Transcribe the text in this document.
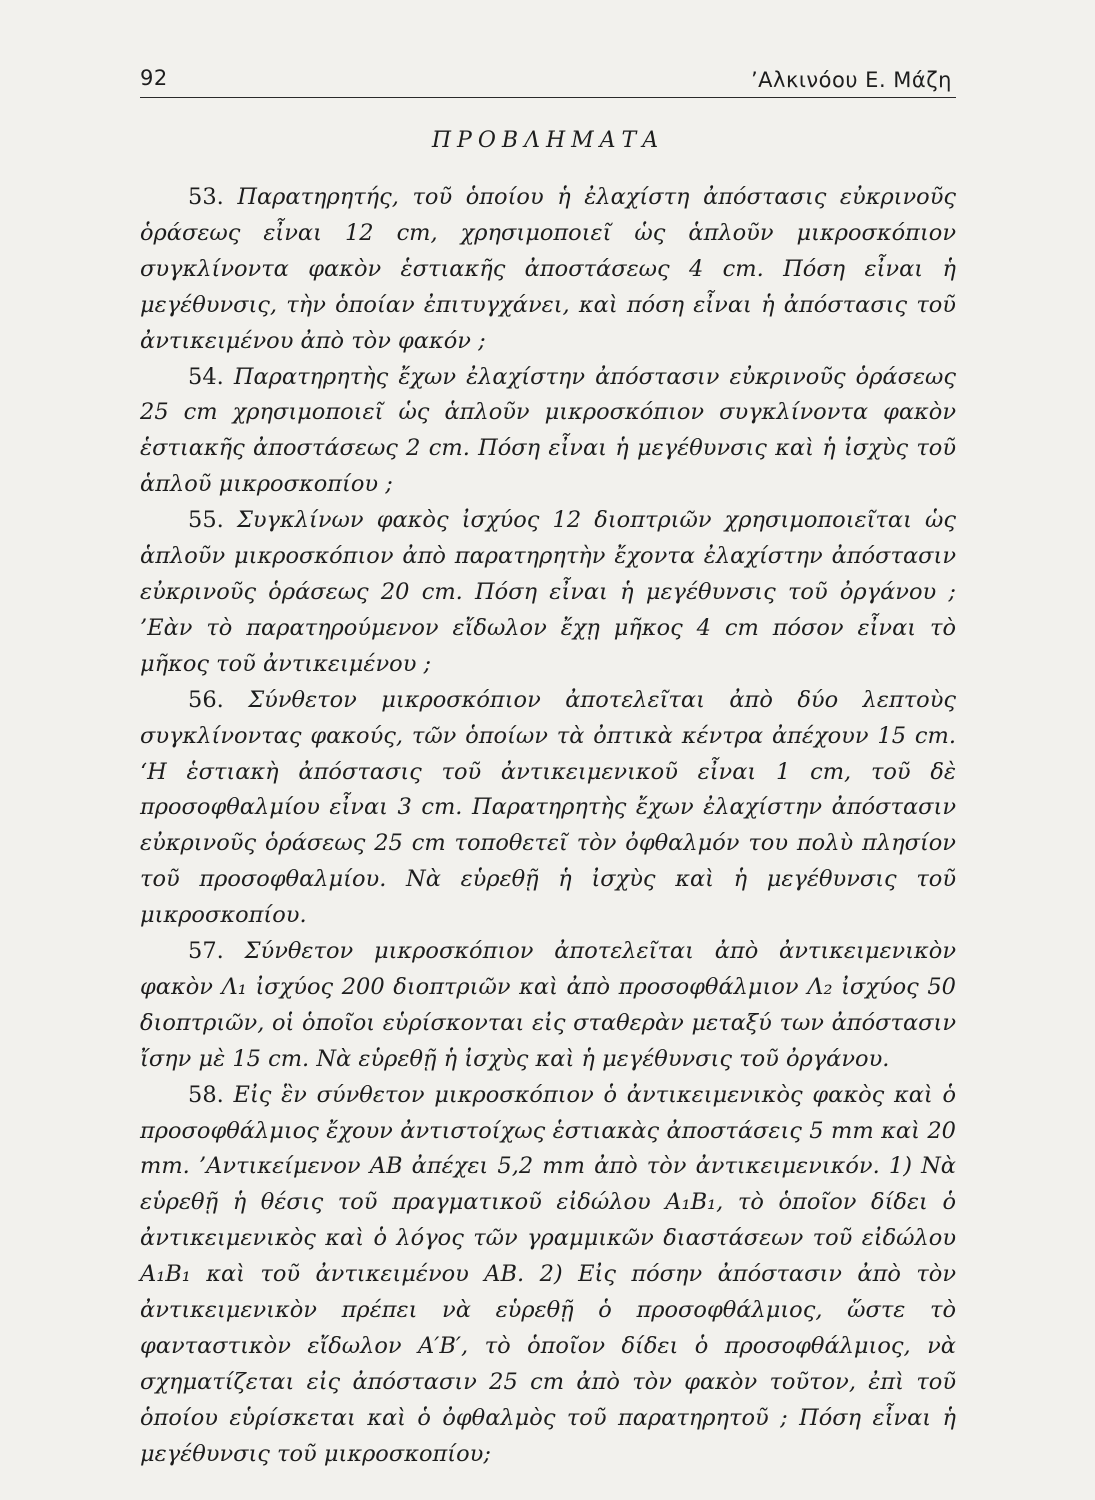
92	’Αλκινόου Ε. Μάζη
ΠΡΟΒΛΗΜΑΤΑ

53. Παρατηρητής, τοῦ ὁποίου ἡ ἐλαχίστη ἀπόστασις εὐκρινοῦς ὁράσεως εἶναι 12 cm, χρησιμοποιεῖ ὡς ἁπλοῦν μικροσκόπιον συγκλίνοντα φακὸν ἑστιακῆς ἀποστάσεως 4 cm. Πόση εἶναι ἡ μεγέθυνσις, τὴν ὁποίαν ἐπιτυγχάνει, καὶ πόση εἶναι ἡ ἀπόστασις τοῦ ἀντικειμένου ἀπὸ τὸν φακόν ;

54. Παρατηρητὴς ἔχων ἐλαχίστην ἀπόστασιν εὐκρινοῦς ὁράσεως 25 cm χρησιμοποιεῖ ὡς ἁπλοῦν μικροσκόπιον συγκλίνοντα φακὸν ἑστιακῆς ἀποστάσεως 2 cm. Πόση εἶναι ἡ μεγέθυνσις καὶ ἡ ἰσχὺς τοῦ ἁπλοῦ μικροσκοπίου ;

55. Συγκλίνων φακὸς ἰσχύος 12 διοπτριῶν χρησιμοποιεῖται ὡς ἁπλοῦν μικροσκόπιον ἀπὸ παρατηρητὴν ἔχοντα ἐλαχίστην ἀπόστασιν εὐκρινοῦς ὁράσεως 20 cm. Πόση εἶναι ἡ μεγέθυνσις τοῦ ὀργάνου ; ’Εὰν τὸ παρατηρούμενον εἴδωλον ἔχῃ μῆκος 4 cm πόσον εἶναι τὸ μῆκος τοῦ ἀντικειμένου ;

56. Σύνθετον μικροσκόπιον ἀποτελεῖται ἀπὸ δύο λεπτοὺς συγκλίνοντας φακούς, τῶν ὁποίων τὰ ὀπτικὰ κέντρα ἀπέχουν 15 cm. ‘Η ἑστιακὴ ἀπόστασις τοῦ ἀντικειμενικοῦ εἶναι 1 cm, τοῦ δὲ προσοφθαλμίου εἶναι 3 cm. Παρατηρητὴς ἔχων ἐλαχίστην ἀπόστασιν εὐκρινοῦς ὁράσεως 25 cm τοποθετεῖ τὸν ὀφθαλμόν του πολὺ πλησίον τοῦ προσοφθαλμίου. Νὰ εὑρεθῇ ἡ ἰσχὺς καὶ ἡ μεγέθυνσις τοῦ μικροσκοπίου.

57. Σύνθετον μικροσκόπιον ἀποτελεῖται ἀπὸ ἀντικειμενικὸν φακὸν Λ₁ ἰσχύος 200 διοπτριῶν καὶ ἀπὸ προσοφθάλμιον Λ₂ ἰσχύος 50 διοπτριῶν, οἱ ὁποῖοι εὑρίσκονται εἰς σταθερὰν μεταξύ των ἀπόστασιν ἴσην μὲ 15 cm. Νὰ εὑρεθῇ ἡ ἰσχὺς καὶ ἡ μεγέθυνσις τοῦ ὀργάνου.

58. Εἰς ἓν σύνθετον μικροσκόπιον ὁ ἀντικειμενικὸς φακὸς καὶ ὁ προσοφθάλμιος ἔχουν ἀντιστοίχως ἑστιακὰς ἀποστάσεις 5 mm καὶ 20 mm. ’Αντικείμενον ΑΒ ἀπέχει 5,2 mm ἀπὸ τὸν ἀντικειμενικόν. 1) Νὰ εὑρεθῇ ἡ θέσις τοῦ πραγματικοῦ εἰδώλου Α₁Β₁, τὸ ὁποῖον δίδει ὁ ἀντικειμενικὸς καὶ ὁ λόγος τῶν γραμμικῶν διαστάσεων τοῦ εἰδώλου Α₁Β₁ καὶ τοῦ ἀντικειμένου ΑΒ. 2) Εἰς πόσην ἀπόστασιν ἀπὸ τὸν ἀντικειμενικὸν πρέπει νὰ εὑρεθῇ ὁ προσοφθάλμιος, ὥστε τὸ φανταστικὸν εἴδωλον Α′Β′, τὸ ὁποῖον δίδει ὁ προσοφθάλμιος, νὰ σχηματίζεται εἰς ἀπόστασιν 25 cm ἀπὸ τὸν φακὸν τοῦτον, ἐπὶ τοῦ ὁποίου εὑρίσκεται καὶ ὁ ὀφθαλμὸς τοῦ παρατηρητοῦ ; Πόση εἶναι ἡ μεγέθυνσις τοῦ μικροσκοπίου;
